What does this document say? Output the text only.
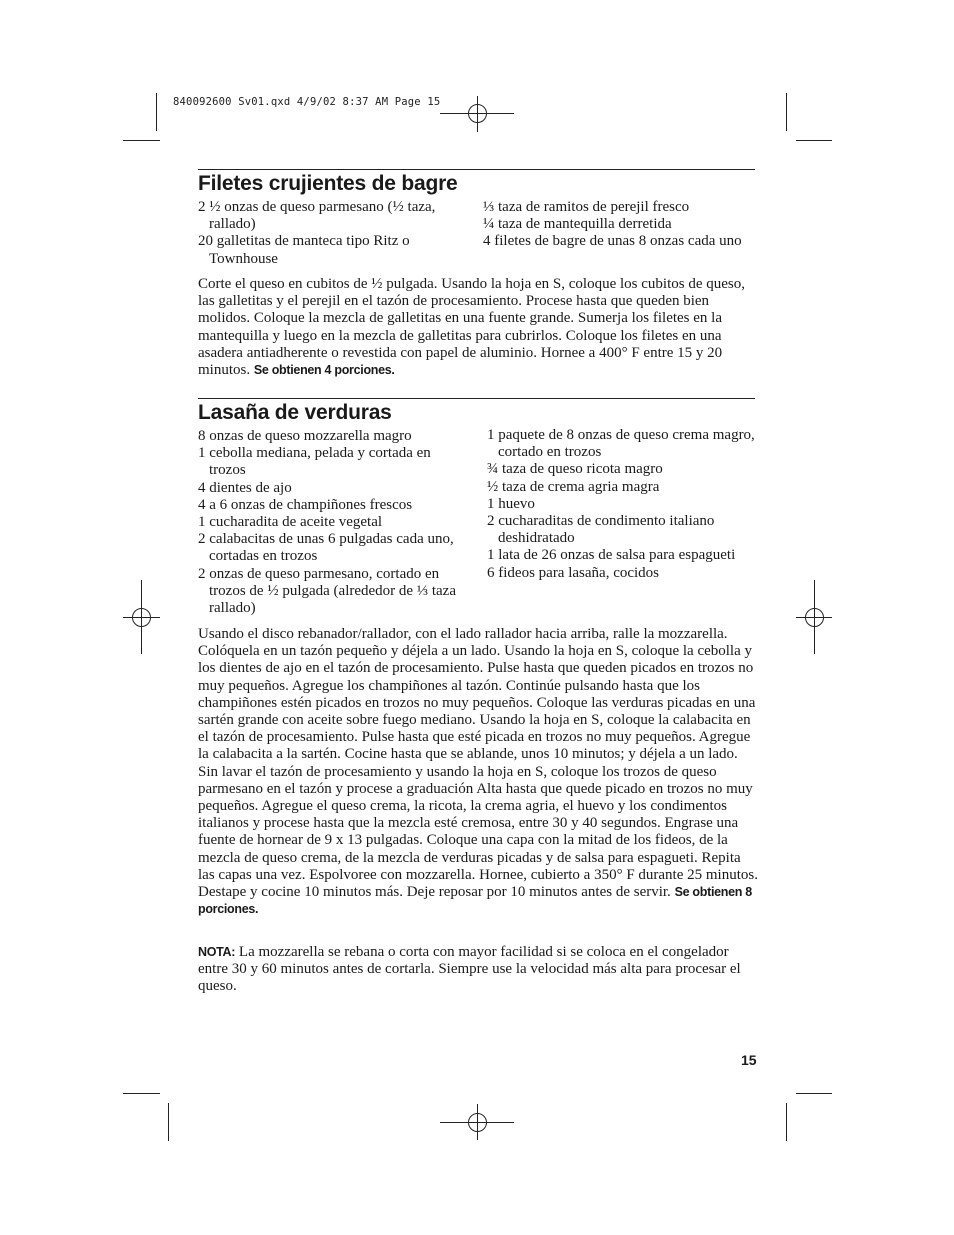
840092600 Sv01.qxd 4/9/02 8:37 AM Page 15
Filetes crujientes de bagre
2 ½ onzas de queso parmesano (½ taza, rallado)
20 galletitas de manteca tipo Ritz o Townhouse
⅓ taza de ramitos de perejil fresco
¼ taza de mantequilla derretida
4 filetes de bagre de unas 8 onzas cada uno
Corte el queso en cubitos de ½ pulgada. Usando la hoja en S, coloque los cubitos de queso, las galletitas y el perejil en el tazón de procesamiento. Procese hasta que queden bien molidos. Coloque la mezcla de galletitas en una fuente grande. Sumerja los filetes en la mantequilla y luego en la mezcla de galletitas para cubrirlos. Coloque los filetes en una asadera antiadherente o revestida con papel de aluminio. Hornee a 400° F entre 15 y 20 minutos. Se obtienen 4 porciones.
Lasaña de verduras
8 onzas de queso mozzarella magro
1 cebolla mediana, pelada y cortada en trozos
4 dientes de ajo
4 a 6 onzas de champiñones frescos
1 cucharadita de aceite vegetal
2 calabacitas de unas 6 pulgadas cada uno, cortadas en trozos
2 onzas de queso parmesano, cortado en trozos de ½ pulgada (alrededor de ⅓ taza rallado)
1 paquete de 8 onzas de queso crema magro, cortado en trozos
¾ taza de queso ricota magro
½ taza de crema agria magra
1 huevo
2 cucharaditas de condimento italiano deshidratado
1 lata de 26 onzas de salsa para espagueti
6 fideos para lasaña, cocidos
Usando el disco rebanador/rallador, con el lado rallador hacia arriba, ralle la mozzarella. Colóquela en un tazón pequeño y déjela a un lado. Usando la hoja en S, coloque la cebolla y los dientes de ajo en el tazón de procesamiento. Pulse hasta que queden picados en trozos no muy pequeños. Agregue los champiñones al tazón. Continúe pulsando hasta que los champiñones estén picados en trozos no muy pequeños. Coloque las verduras picadas en una sartén grande con aceite sobre fuego mediano. Usando la hoja en S, coloque la calabacita en el tazón de procesamiento. Pulse hasta que esté picada en trozos no muy pequeños. Agregue la calabacita a la sartén. Cocine hasta que se ablande, unos 10 minutos; y déjela a un lado. Sin lavar el tazón de procesamiento y usando la hoja en S, coloque los trozos de queso parmesano en el tazón y procese a graduación Alta hasta que quede picado en trozos no muy pequeños. Agregue el queso crema, la ricota, la crema agria, el huevo y los condimentos italianos y procese hasta que la mezcla esté cremosa, entre 30 y 40 segundos. Engrase una fuente de hornear de 9 x 13 pulgadas. Coloque una capa con la mitad de los fideos, de la mezcla de queso crema, de la mezcla de verduras picadas y de salsa para espagueti. Repita las capas una vez. Espolvoree con mozzarella. Hornee, cubierto a 350° F durante 25 minutos. Destape y cocine 10 minutos más. Deje reposar por 10 minutos antes de servir. Se obtienen 8 porciones.
NOTA: La mozzarella se rebana o corta con mayor facilidad si se coloca en el congelador entre 30 y 60 minutos antes de cortarla. Siempre use la velocidad más alta para procesar el queso.
15
